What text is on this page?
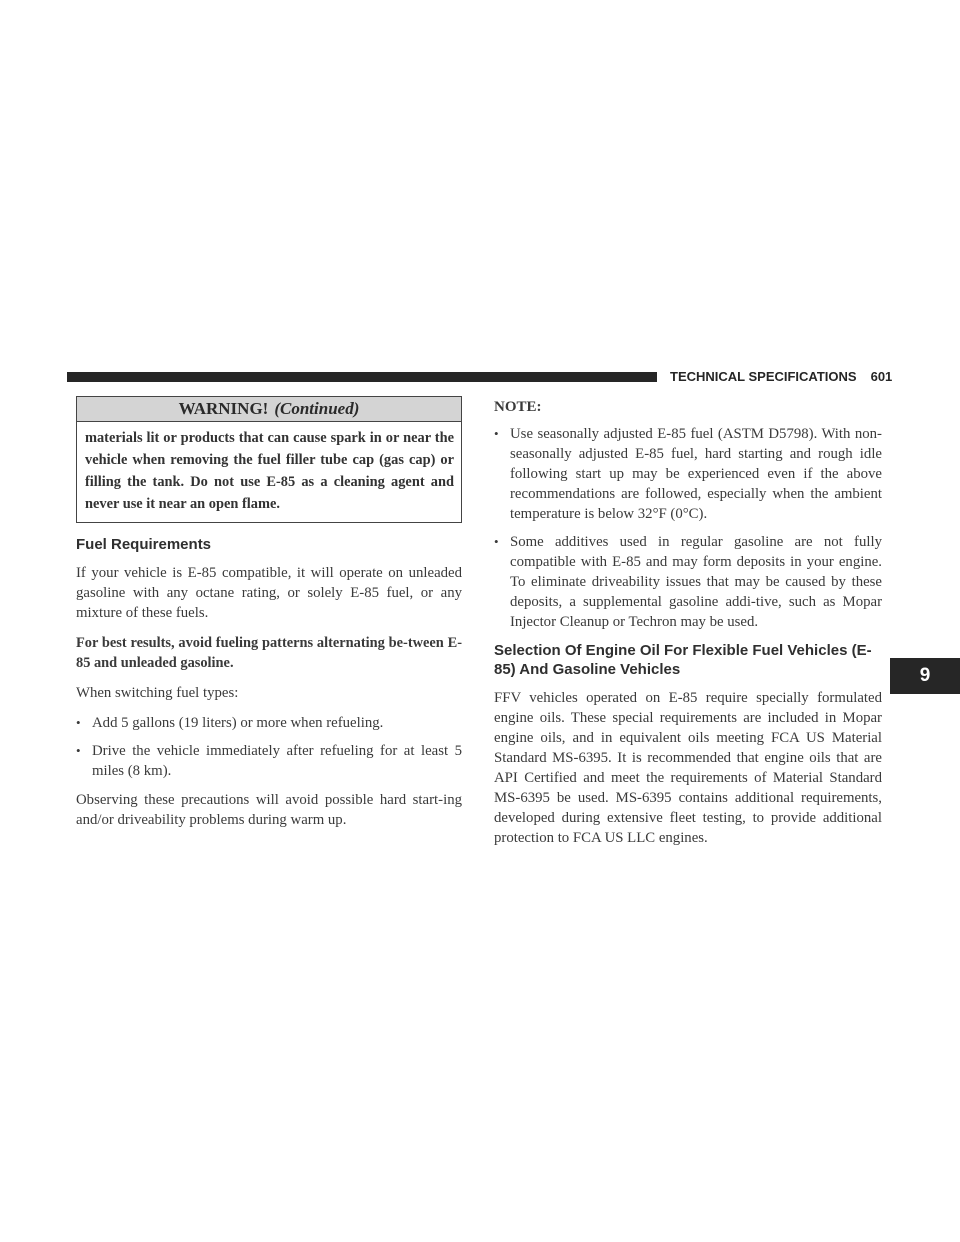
TECHNICAL SPECIFICATIONS 601
9
WARNING! (Continued)
materials lit or products that can cause spark in or near the vehicle when removing the fuel filler tube cap (gas cap) or filling the tank. Do not use E-85 as a cleaning agent and never use it near an open flame.
Fuel Requirements

If your vehicle is E-85 compatible, it will operate on unleaded gasoline with any octane rating, or solely E-85 fuel, or any mixture of these fuels.

For best results, avoid fueling patterns alternating be-tween E-85 and unleaded gasoline.

When switching fuel types:

• Add 5 gallons (19 liters) or more when refueling.
• Drive the vehicle immediately after refueling for at least 5 miles (8 km).

Observing these precautions will avoid possible hard start-ing and/or driveability problems during warm up.

NOTE:
• Use seasonally adjusted E-85 fuel (ASTM D5798). With non-seasonally adjusted E-85 fuel, hard starting and rough idle following start up may be experienced even if the above recommendations are followed, especially when the ambient temperature is below 32°F (0°C).
• Some additives used in regular gasoline are not fully compatible with E-85 and may form deposits in your engine. To eliminate driveability issues that may be caused by these deposits, a supplemental gasoline addi-tive, such as Mopar Injector Cleanup or Techron may be used.
Selection Of Engine Oil For Flexible Fuel Vehicles (E-85) And Gasoline Vehicles

FFV vehicles operated on E-85 require specially formulated engine oils. These special requirements are included in Mopar engine oils, and in equivalent oils meeting FCA US Material Standard MS-6395. It is recommended that engine oils that are API Certified and meet the requirements of Material Standard MS-6395 be used. MS-6395 contains additional requirements, developed during extensive fleet testing, to provide additional protection to FCA US LLC engines.
